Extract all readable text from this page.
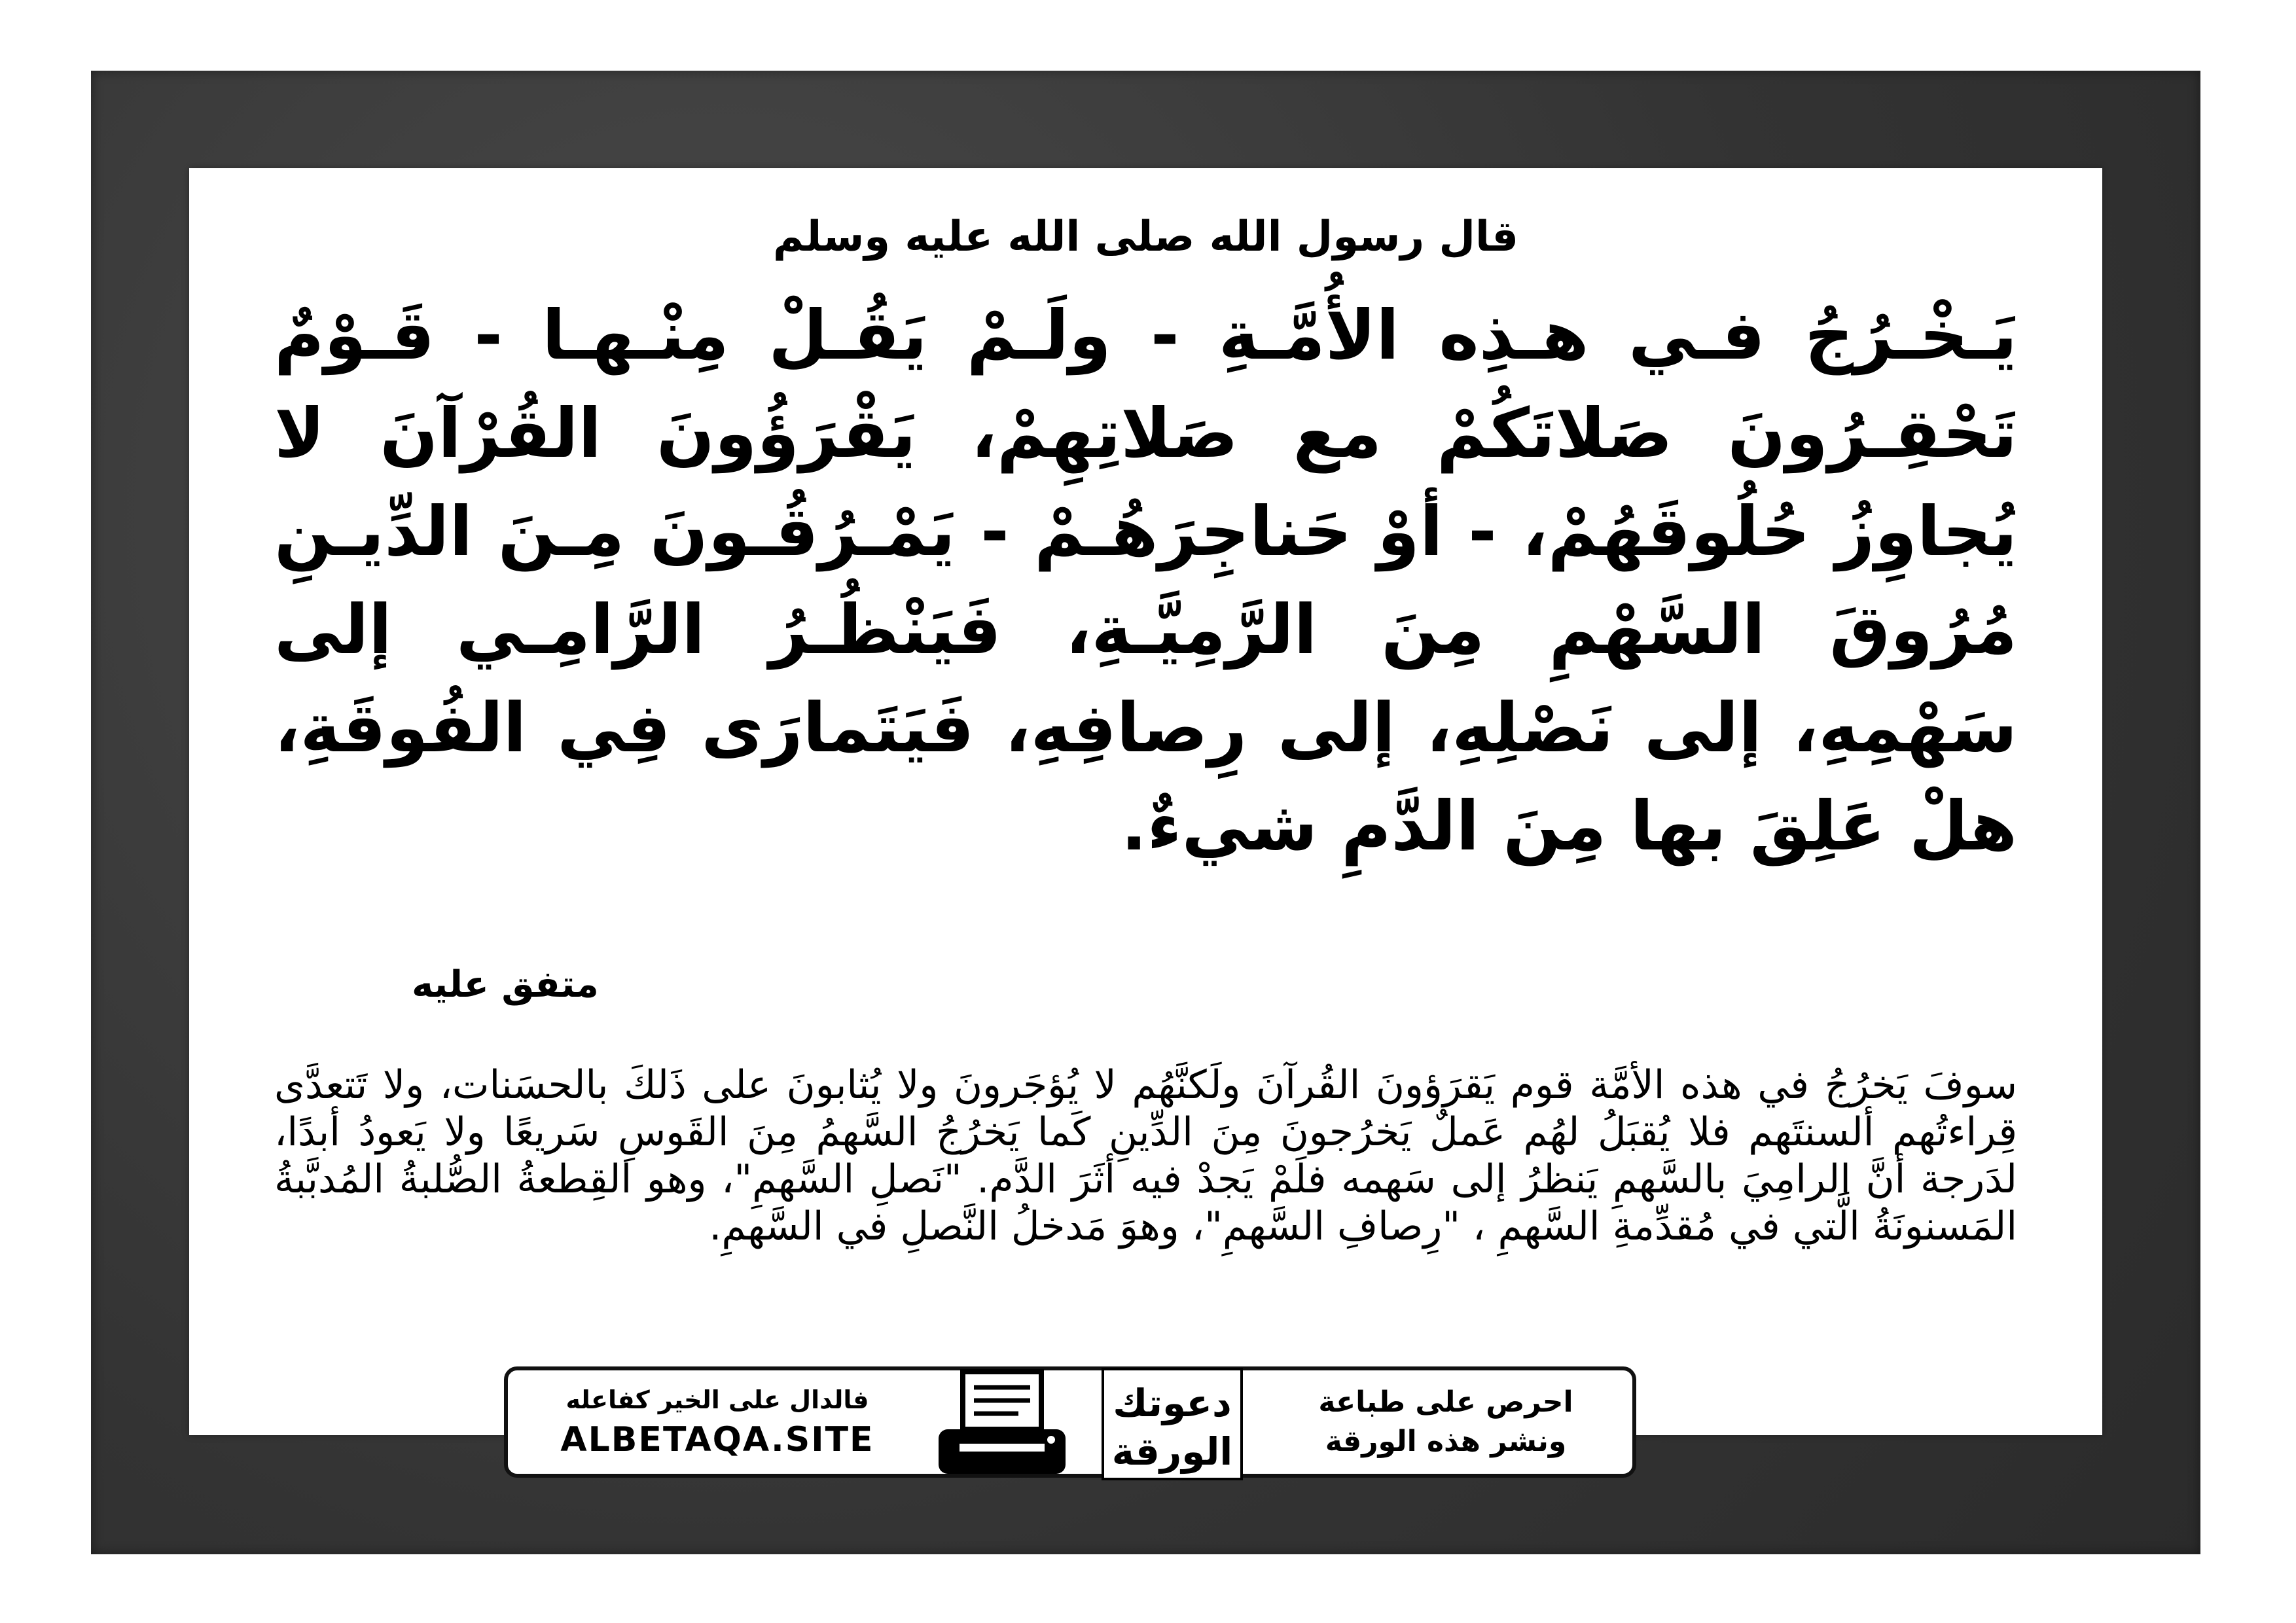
قال رسول الله صلى الله عليه وسلم
يَـخْـرُجُ فـي هـذِه الأُمَّـةِ - ولَـمْ يَقُـلْ مِنْـهـا - قَـوْمٌ تَحْقِـرُونَ صَلاتَكُمْ مع صَلاتِهِمْ، يَقْرَؤُونَ القُرْآنَ لا يُجاوِزُ حُلُوقَهُمْ، - أوْ حَناجِرَهُـمْ - يَمْـرُقُـونَ مِـنَ الدِّيـنِ مُرُوقَ السَّهْمِ مِنَ الرَّمِيَّـةِ، فَيَنْظُـرُ الرَّامِـي إلى سَهْمِهِ، إلى نَصْلِهِ، إلى رِصافِهِ، فَيَتَمارَى فِي الفُوقَةِ، هلْ عَلِقَ بها مِنَ الدَّمِ شيءٌ.
متفق عليه
سوفَ يَخرُجُ في هذه الأمَّة قوم يَقرَؤونَ القُرآنَ ولَكنَّهُم لا يُؤجَرونَ ولا يُثابونَ على ذَلكَ بالحسَنات، ولا تَتعدَّى قِراءتُهم ألسنتَهم فلا يُقبَلُ لهُم عَملٌ يَخرُجونَ مِنَ الدِّينِ كَما يَخرُجُ السَّهمُ مِنَ القَوسِ سَريعًا ولا يَعودُ أبدًا، لدَرجة أنَّ الرامِيَ بالسَّهمِ يَنظرُ إلى سَهمه فلَمْ يَجدْ فيه أثَرَ الدَّم. "نَصلِ السَّهمِ"، وهو القِطعةُ الصُّلبةُ المُدبَّبةُ المَسنونَةُ الَّتي في مُقدِّمةِ السَّهمِ ، "رِصافِ السَّهمِ"، وهوَ مَدخلُ النَّصلِ في السَّهمِ.
فالدال على الخير كفاعله
ALBETAQA.SITE
دعوتك
الورقة
احرص على طباعة
ونشر هذه الورقة
